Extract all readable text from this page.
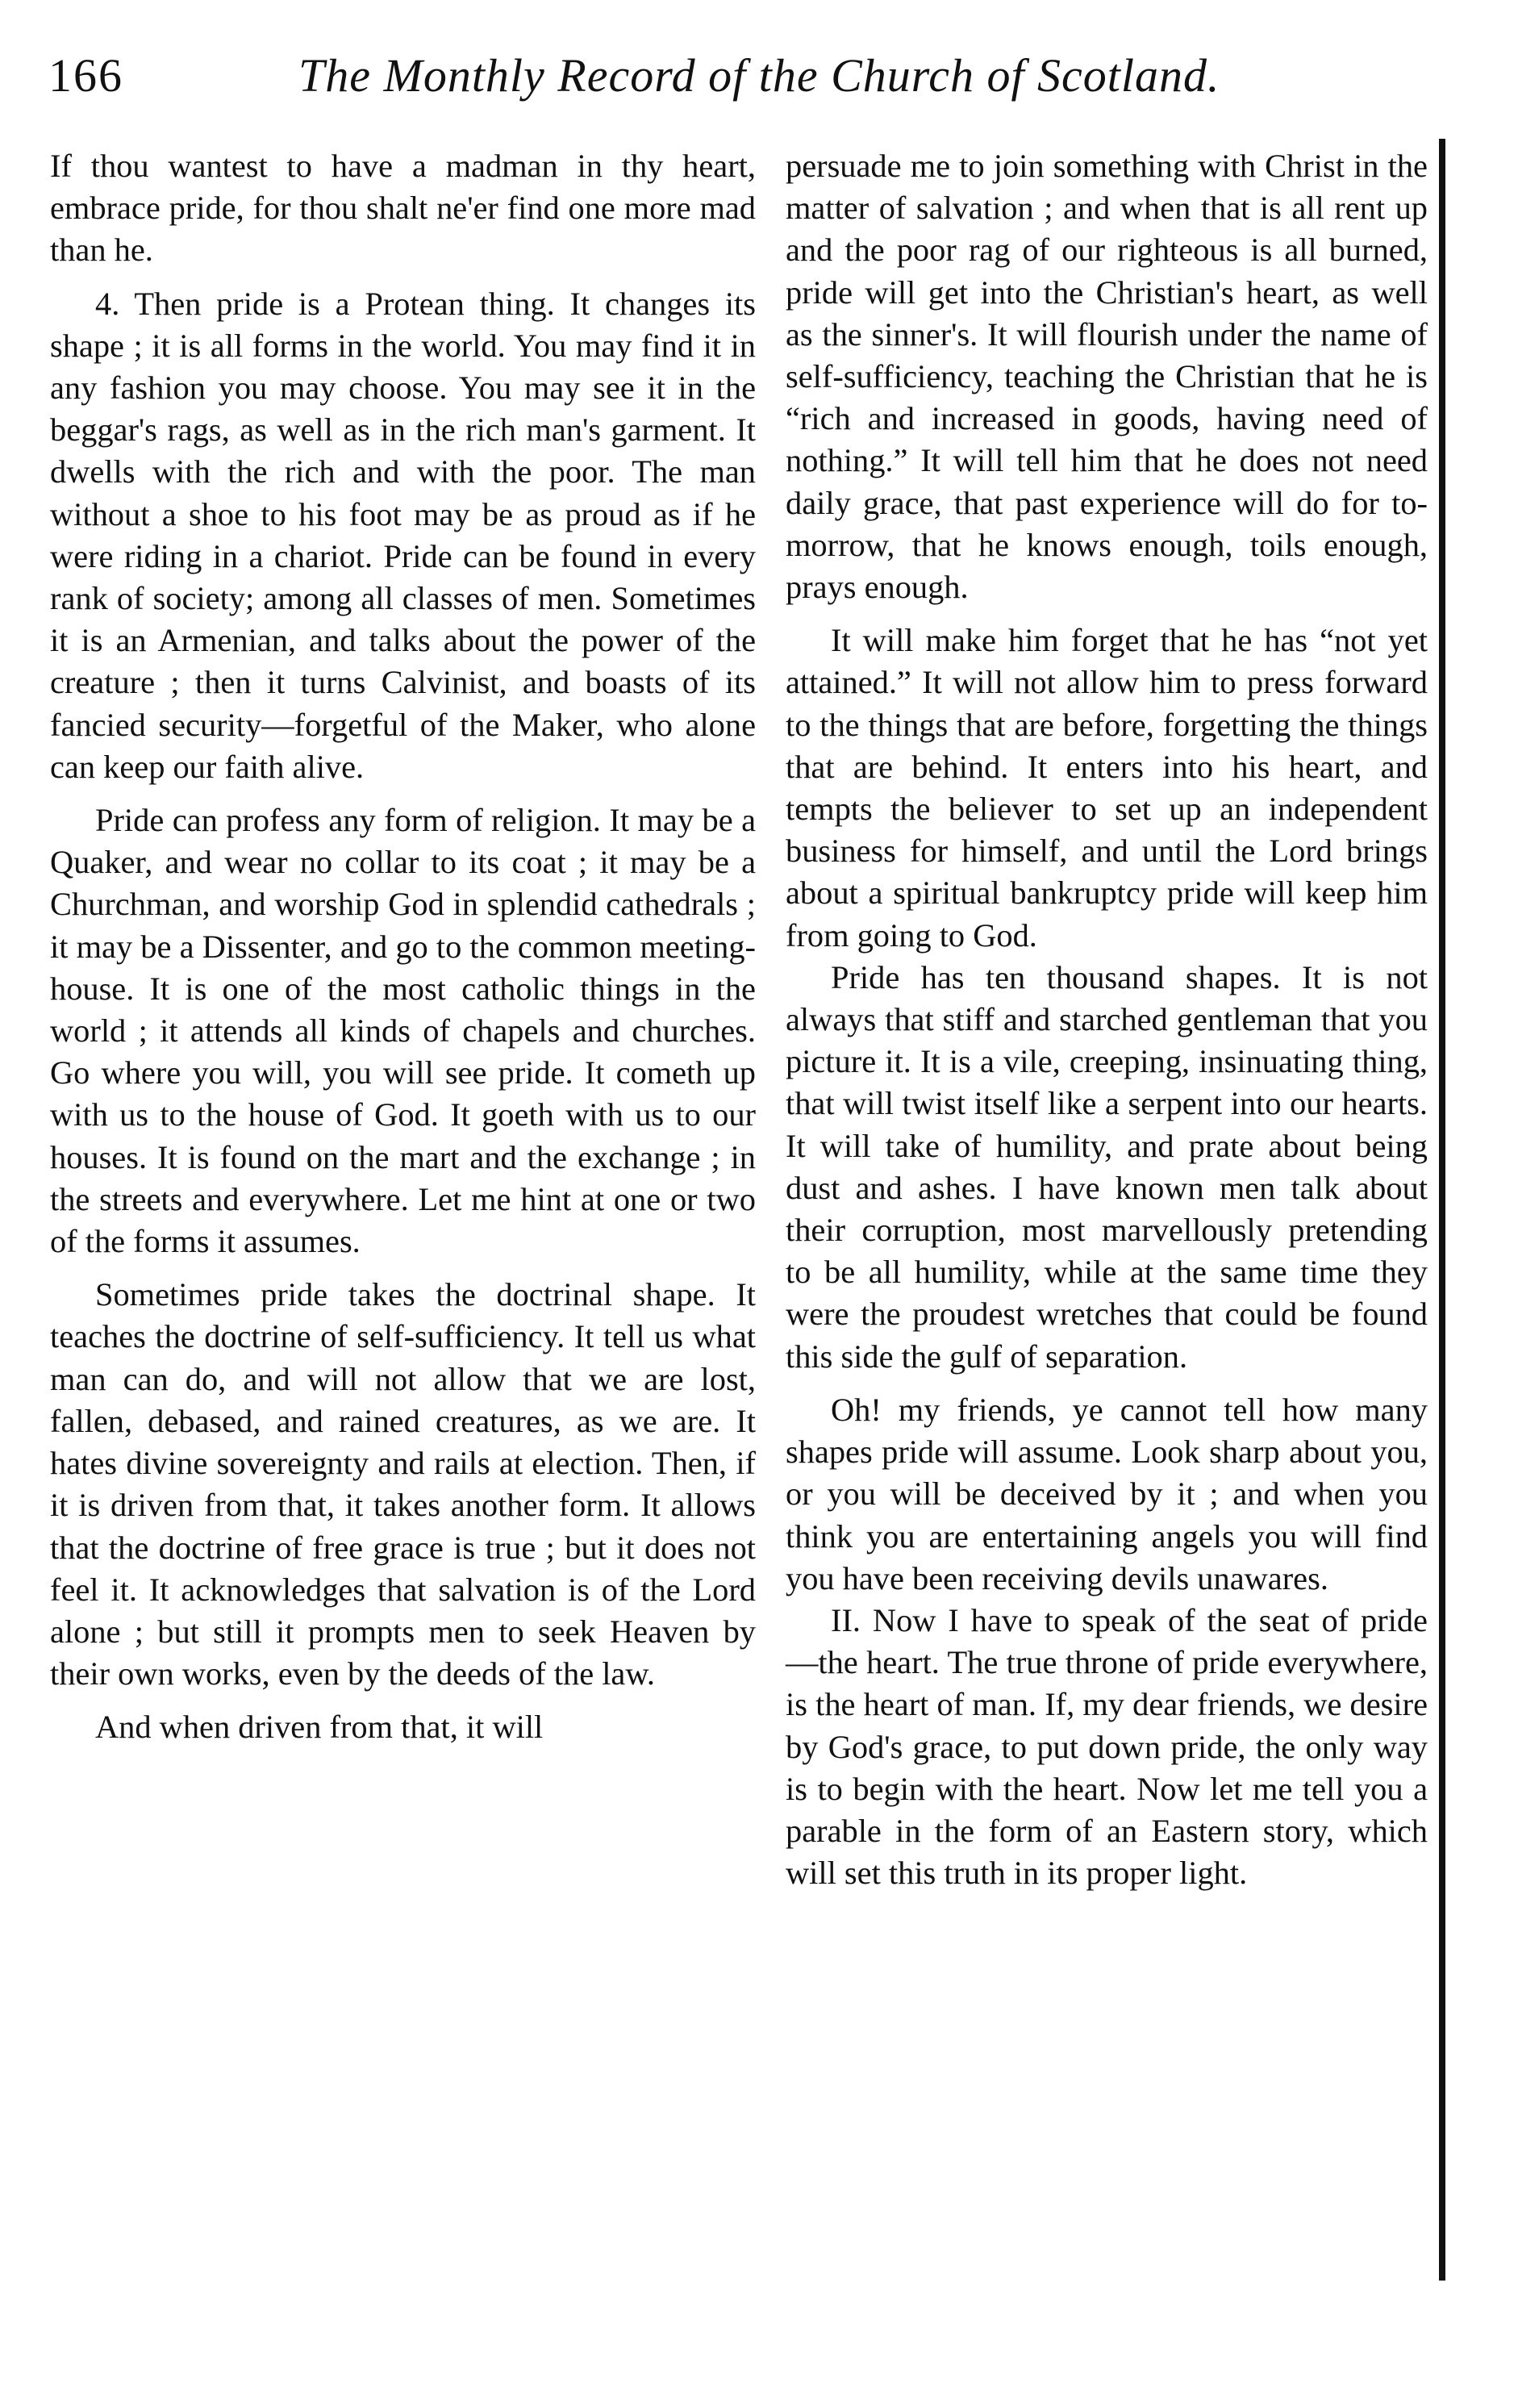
166	The Monthly Record of the Church of Scotland.

If thou wantest to have a madman in thy heart, embrace pride, for thou shalt ne'er find one more mad than he.

4. Then pride is a Protean thing. It changes its shape ; it is all forms in the world. You may find it in any fashion you may choose. You may see it in the beggar's rags, as well as in the rich man's garment. It dwells with the rich and with the poor. The man without a shoe to his foot may be as proud as if he were riding in a chariot. Pride can be found in every rank of society; among all classes of men. Sometimes it is an Armenian, and talks about the power of the creature ; then it turns Calvinist, and boasts of its fancied security—forgetful of the Maker, who alone can keep our faith alive.

Pride can profess any form of religion. It may be a Quaker, and wear no collar to its coat ; it may be a Churchman, and worship God in splendid cathedrals ; it may be a Dissenter, and go to the common meeting-house. It is one of the most catholic things in the world ; it attends all kinds of chapels and churches. Go where you will, you will see pride. It cometh up with us to the house of God. It goeth with us to our houses. It is found on the mart and the exchange ; in the streets and everywhere. Let me hint at one or two of the forms it assumes.

Sometimes pride takes the doctrinal shape. It teaches the doctrine of self-sufficiency. It tell us what man can do, and will not allow that we are lost, fallen, debased, and rained creatures, as we are. It hates divine sovereignty and rails at election. Then, if it is driven from that, it takes another form. It allows that the doctrine of free grace is true ; but it does not feel it. It acknowledges that salvation is of the Lord alone ; but still it prompts men to seek Heaven by their own works, even by the deeds of the law.

And when driven from that, it will

persuade me to join something with Christ in the matter of salvation ; and when that is all rent up and the poor rag of our righteous is all burned, pride will get into the Christian's heart, as well as the sinner's. It will flourish under the name of self-sufficiency, teaching the Christian that he is “rich and increased in goods, having need of nothing.” It will tell him that he does not need daily grace, that past experience will do for to-morrow, that he knows enough, toils enough, prays enough.

It will make him forget that he has “not yet attained.” It will not allow him to press forward to the things that are before, forgetting the things that are behind. It enters into his heart, and tempts the believer to set up an independent business for himself, and until the Lord brings about a spiritual bankruptcy pride will keep him from going to God.

Pride has ten thousand shapes. It is not always that stiff and starched gentleman that you picture it. It is a vile, creeping, insinuating thing, that will twist itself like a serpent into our hearts. It will take of humility, and prate about being dust and ashes. I have known men talk about their corruption, most marvellously pretending to be all humility, while at the same time they were the proudest wretches that could be found this side the gulf of separation.

Oh! my friends, ye cannot tell how many shapes pride will assume. Look sharp about you, or you will be deceived by it ; and when you think you are entertaining angels you will find you have been receiving devils unawares.

II. Now I have to speak of the seat of pride —the heart. The true throne of pride everywhere, is the heart of man. If, my dear friends, we desire by God's grace, to put down pride, the only way is to begin with the heart. Now let me tell you a parable in the form of an Eastern story, which will set this truth in its proper light.
